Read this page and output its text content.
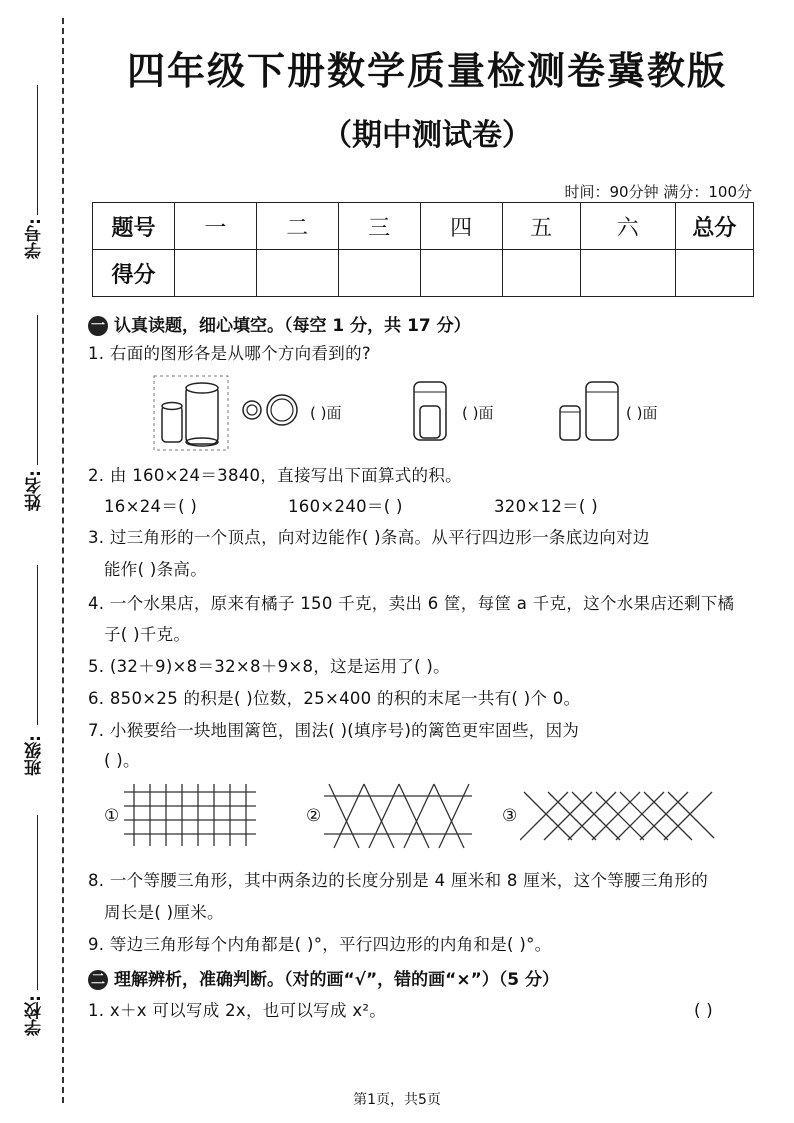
学号:
姓名:
班级:
学校:
四年级下册数学质量检测卷冀教版
（期中测试卷）
时间：90分钟 满分：100分
题号	一	二	三	四	五	六	总分
得分							
一 认真读题，细心填空。（每空 1 分，共 17 分）
1. 右面的图形各是从哪个方向看到的?
( )面	( )面	( )面
2. 由 160×24＝3840，直接写出下面算式的积。
16×24＝( )	160×240＝( )	320×12＝( )
3. 过三角形的一个顶点，向对边能作( )条高。从平行四边形一条底边向对边
能作( )条高。
4. 一个水果店，原来有橘子 150 千克，卖出 6 筐，每筐 a 千克，这个水果店还剩下橘
子( )千克。
5. (32＋9)×8＝32×8＋9×8，这是运用了( )。
6. 850×25 的积是( )位数，25×400 的积的末尾一共有( )个 0。
7. 小猴要给一块地围篱笆，围法( )(填序号)的篱笆更牢固些，因为
( )。
①	②	③
8. 一个等腰三角形，其中两条边的长度分别是 4 厘米和 8 厘米，这个等腰三角形的
周长是( )厘米。
9. 等边三角形每个内角都是( )°，平行四边形的内角和是( )°。
二 理解辨析，准确判断。（对的画“√”，错的画“×”）（5 分）
1. x＋x 可以写成 2x，也可以写成 x²。	( )
第1页，共5页
